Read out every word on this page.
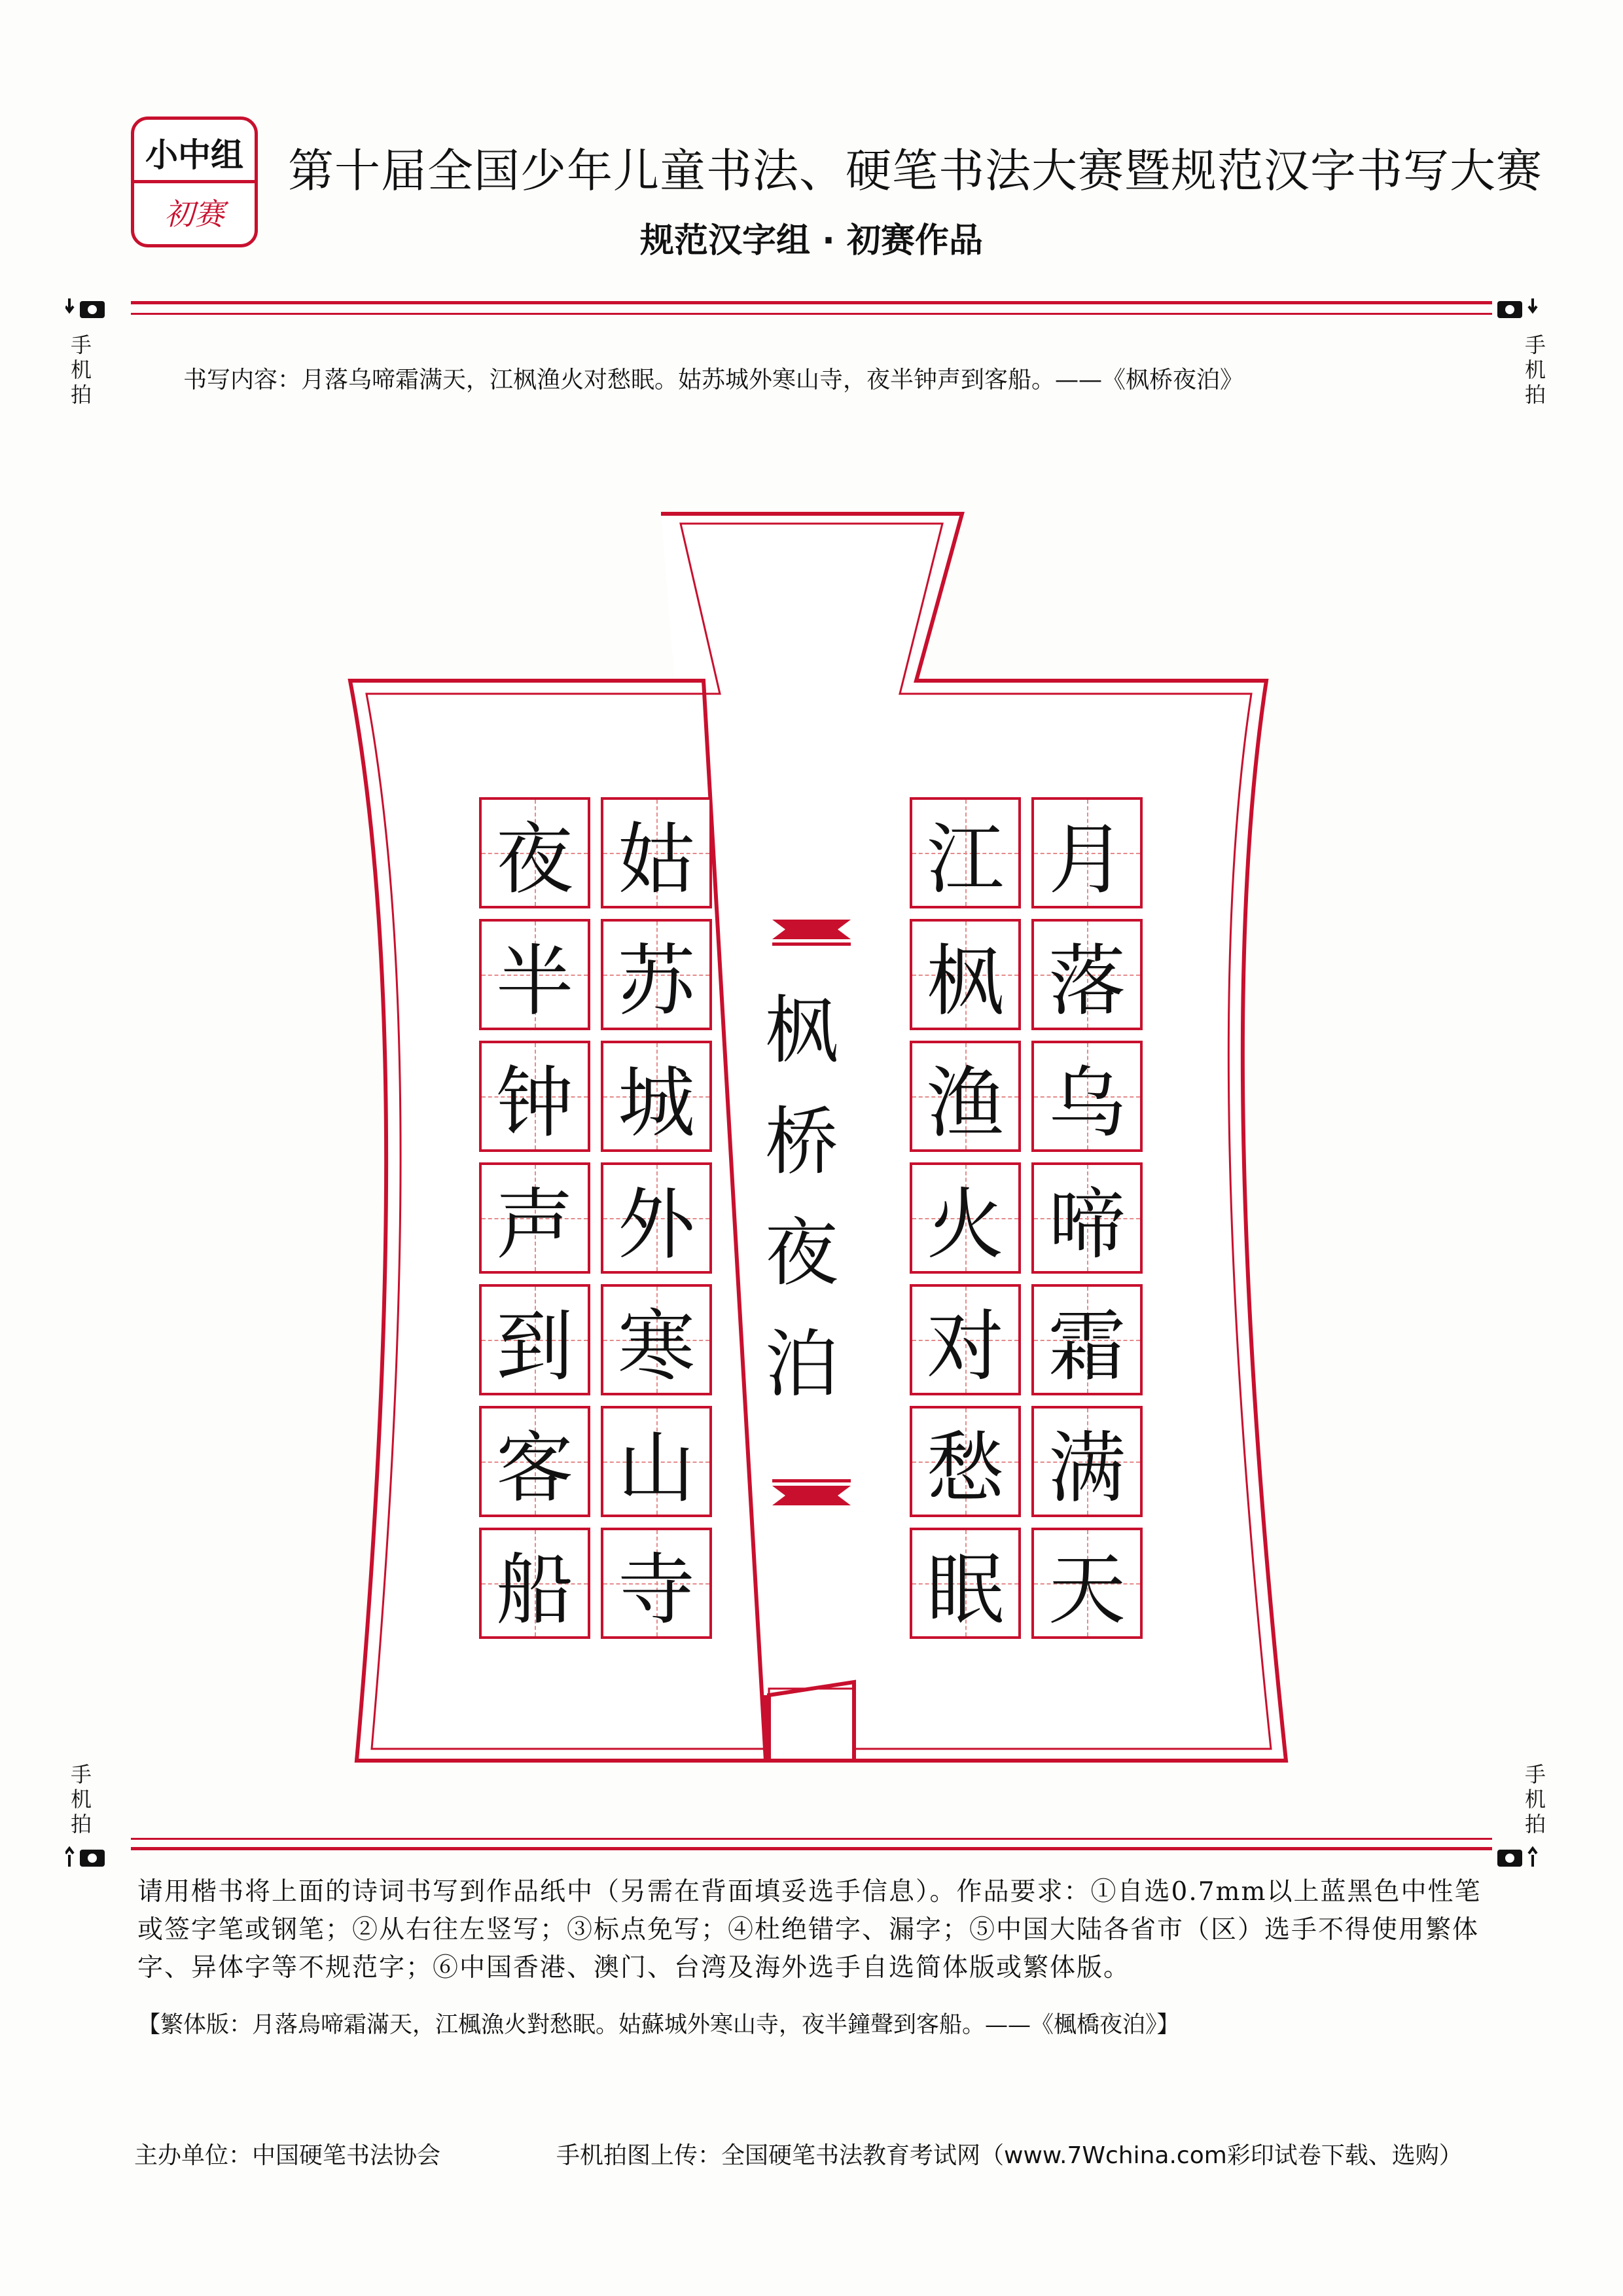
小中组
初赛
第十届全国少年儿童书法、硬笔书法大赛暨规范汉字书写大赛
规范汉字组 · 初赛作品
手
机
拍
手
机
拍
书写内容：月落乌啼霜满天，江枫渔火对愁眠。姑苏城外寒山寺，夜半钟声到客船。——《枫桥夜泊》
夜
半
钟
声
到
客
船
姑
苏
城
外
寒
山
寺
江
枫
渔
火
对
愁
眠
月
落
乌
啼
霜
满
天
枫
桥
夜
泊
手
机
拍
手
机
拍
请用楷书将上面的诗词书写到作品纸中（另需在背面填妥选手信息）。作品要求：①自选0.7mm以上蓝黑色中性笔或签字笔或钢笔；②从右往左竖写；③标点免写；④杜绝错字、漏字；⑤中国大陆各省市（区）选手不得使用繁体字、异体字等不规范字；⑥中国香港、澳门、台湾及海外选手自选简体版或繁体版。
【繁体版：月落烏啼霜滿天，江楓漁火對愁眠。姑蘇城外寒山寺，夜半鐘聲到客船。——《楓橋夜泊》】
主办单位：中国硬笔书法协会	手机拍图上传：全国硬笔书法教育考试网（www.7Wchina.com彩印试卷下载、选购）
